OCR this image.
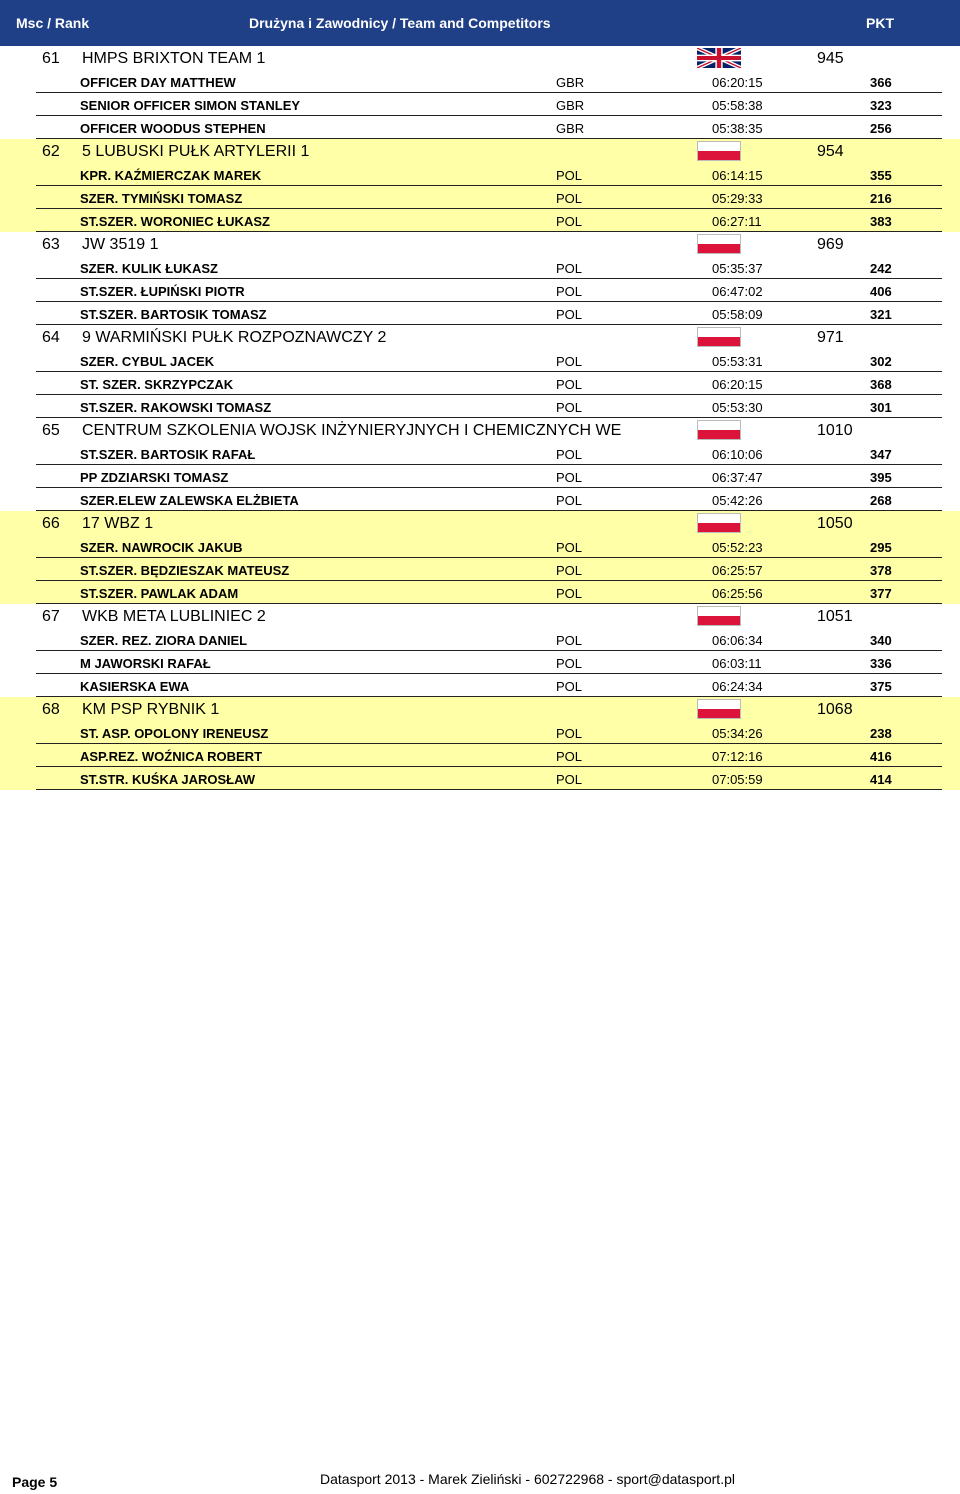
Msc / Rank	Drużyna i Zawodnicy / Team and Competitors	PKT
61 HMPS BRIXTON TEAM 1	945
OFFICER DAY MATTHEW	GBR	06:20:15	366
SENIOR OFFICER SIMON STANLEY	GBR	05:58:38	323
OFFICER WOODUS STEPHEN	GBR	05:38:35	256
62 5 LUBUSKI PUŁK ARTYLERII 1	954
KPR. KAŹMIERCZAK MAREK	POL	06:14:15	355
SZER. TYMIŃSKI TOMASZ	POL	05:29:33	216
ST.SZER. WORONIEC ŁUKASZ	POL	06:27:11	383
63 JW 3519 1	969
SZER. KULIK ŁUKASZ	POL	05:35:37	242
ST.SZER. ŁUPIŃSKI PIOTR	POL	06:47:02	406
ST.SZER. BARTOSIK TOMASZ	POL	05:58:09	321
64 9 WARMIŃSKI PUŁK ROZPOZNAWCZY 2	971
SZER. CYBUL JACEK	POL	05:53:31	302
ST. SZER. SKRZYPCZAK	POL	06:20:15	368
ST.SZER. RAKOWSKI TOMASZ	POL	05:53:30	301
65 CENTRUM SZKOLENIA WOJSK INŻYNIERYJNYCH I CHEMICZNYCH WE	1010
ST.SZER. BARTOSIK RAFAŁ	POL	06:10:06	347
PP ZDZIARSKI TOMASZ	POL	06:37:47	395
SZER.ELEW ZALEWSKA ELŻBIETA	POL	05:42:26	268
66 17 WBZ 1	1050
SZER. NAWROCIK JAKUB	POL	05:52:23	295
ST.SZER. BĘDZIESZAK MATEUSZ	POL	06:25:57	378
ST.SZER. PAWLAK ADAM	POL	06:25:56	377
67 WKB META LUBLINIEC 2	1051
SZER. REZ. ZIORA DANIEL	POL	06:06:34	340
M JAWORSKI RAFAŁ	POL	06:03:11	336
KASIERSKA EWA	POL	06:24:34	375
68 KM PSP RYBNIK 1	1068
ST. ASP. OPOLONY IRENEUSZ	POL	05:34:26	238
ASP.REZ. WOŹNICA ROBERT	POL	07:12:16	416
ST.STR. KUŚKA JAROSŁAW	POL	07:05:59	414
Page 5	Datasport 2013 - Marek Zieliński - 602722968 - sport@datasport.pl
